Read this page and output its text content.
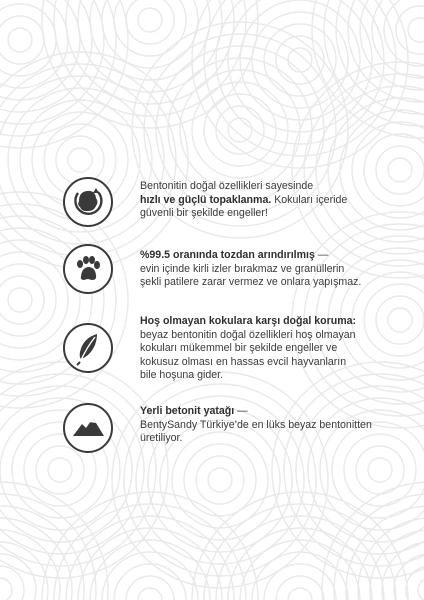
Bentonitin doğal özellikleri sayesinde
hızlı ve güçlü topaklanma. Kokuları içeride
güvenli bir şekilde engeller!
%99.5 oranında tozdan arındırılmış —
evin içinde kirli izler bırakmaz ve granüllerin
şekli patilere zarar vermez ve onlara yapışmaz.
Hoş olmayan kokulara karşı doğal koruma:
beyaz bentonitin doğal özellikleri hoş olmayan
kokuları mükemmel bir şekilde engeller ve
kokusuz olması en hassas evcil hayvanların
bile hoşuna gider.
Yerli betonit yatağı —
BentySandy Türkiye’de en lüks beyaz bentonitten
üretiliyor.
